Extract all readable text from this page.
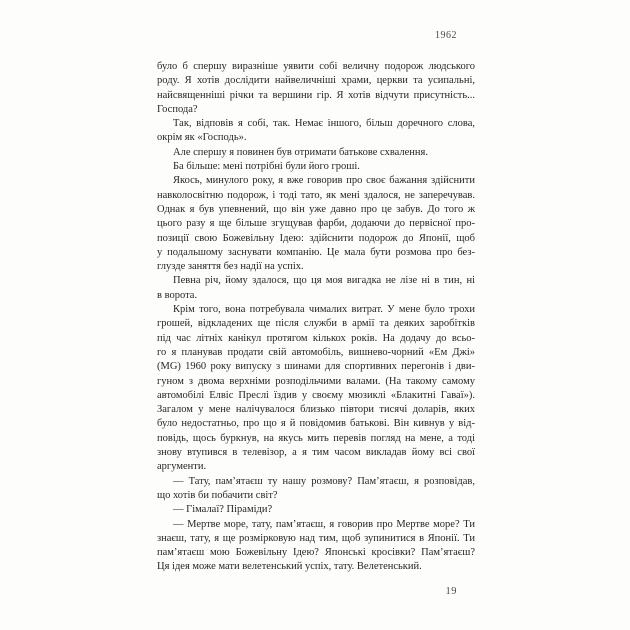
1962
було б спершу виразніше уявити собі величну подорож людського
роду. Я хотів дослідити найвеличніші храми, церкви та усипальні,
найсвященніші річки та вершини гір. Я хотів відчути присутність...
Господа?
Так, відповів я собі, так. Немає іншого, більш доречного слова,
окрім як «Господь».
Але спершу я повинен був отримати батькове схвалення.
Ба більше: мені потрібні були його гроші.
Якось, минулого року, я вже говорив про своє бажання здійснити
навколосвітню подорож, і тоді тато, як мені здалося, не заперечував.
Однак я був упевнений, що він уже давно про це забув. До того ж
цього разу я ще більше згущував фарби, додаючи до первісної про-
позиції свою Божевільну Ідею: здійснити подорож до Японії, щоб
у подальшому заснувати компанію. Це мала бути розмова про без-
глузде заняття без надії на успіх.
Певна річ, йому здалося, що ця моя вигадка не лізе ні в тин, ні
в ворота.
Крім того, вона потребувала чималих витрат. У мене було трохи
грошей, відкладених ще після служби в армії та деяких заробітків
під час літніх канікул протягом кількох років. На додачу до всьо-
го я планував продати свій автомобіль, вишнево-чорний «Ем Джі»
(MG) 1960 року випуску з шинами для спортивних перегонів і дви-
гуном з двома верхніми розподільчими валами. (На такому самому
автомобілі Елвіс Преслі їздив у своєму мюзиклі «Блакитні Гаваї»).
Загалом у мене налічувалося близько півтори тисячі доларів, яких
було недостатньо, про що я й повідомив батькові. Він кивнув у від-
повідь, щось буркнув, на якусь мить перевів погляд на мене, а тоді
знову втупився в телевізор, а я тим часом викладав йому всі свої
аргументи.
— Тату, пам’ятаєш ту нашу розмову? Пам’ятаєш, я розповідав,
що хотів би побачити світ?
— Гімалаї? Піраміди?
— Мертве море, тату, пам’ятаєш, я говорив про Мертве море? Ти
знаєш, тату, я ще розмірковую над тим, щоб зупинитися в Японії. Ти
пам’ятаєш мою Божевільну Ідею? Японські кросівки? Пам’ятаєш?
Ця ідея може мати велетенський успіх, тату. Велетенський.
19
